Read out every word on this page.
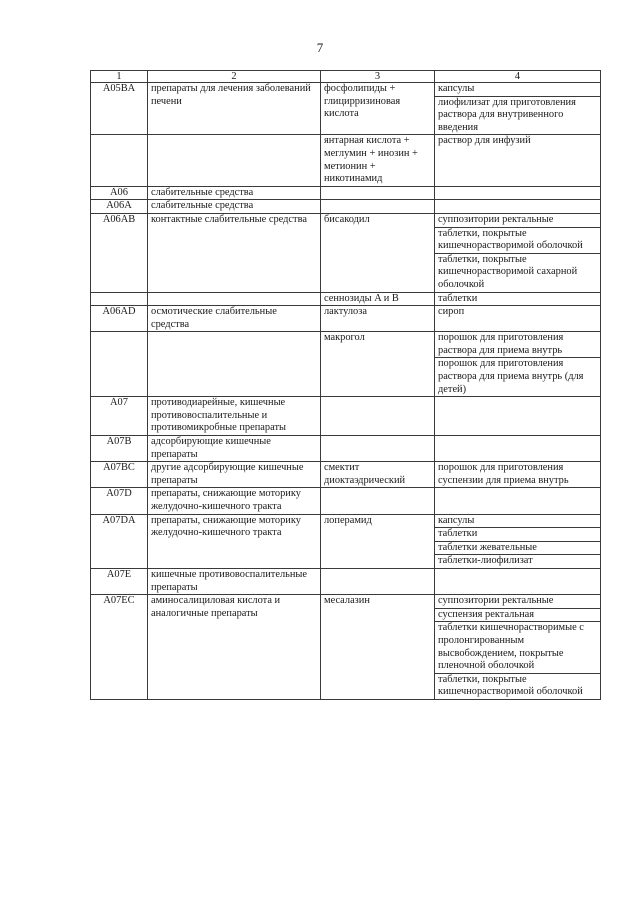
7
1	2	3	4
A05BA	препараты для лечения заболеваний печени	фосфолипиды + глицирризиновая кислота	капсулы
лиофилизат для приготовления раствора для внутривенного введения

		янтарная кислота + меглумин + инозин + метионин + никотинамид	раствор для инфузий

A06	слабительные средства		

A06A	слабительные средства		

A06AB	контактные слабительные средства	бисакодил	суппозитории ректальные
таблетки, покрытые кишечнорастворимой оболочкой
таблетки, покрытые кишечнорастворимой сахарной оболочкой

		сеннозиды A и B	таблетки

A06AD	осмотические слабительные средства	лактулоза	сироп

		макрогол	порошок для приготовления раствора для приема внутрь
порошок для приготовления раствора для приема внутрь (для детей)

A07	противодиарейные, кишечные противовоспалительные и противомикробные препараты		

A07B	адсорбирующие кишечные препараты		

A07BC	другие адсорбирующие кишечные препараты	смектит диоктаэдрический	порошок для приготовления суспензии для приема внутрь

A07D	препараты, снижающие моторику желудочно-кишечного тракта		

A07DA	препараты, снижающие моторику желудочно-кишечного тракта	лоперамид	капсулы
таблетки
таблетки жевательные
таблетки-лиофилизат

A07E	кишечные противовоспалительные препараты		

A07EC	аминосалициловая кислота и аналогичные препараты	месалазин	суппозитории ректальные
суспензия ректальная
таблетки кишечнорастворимые с пролонгированным высвобождением, покрытые пленочной оболочкой
таблетки, покрытые кишечнорастворимой оболочкой
